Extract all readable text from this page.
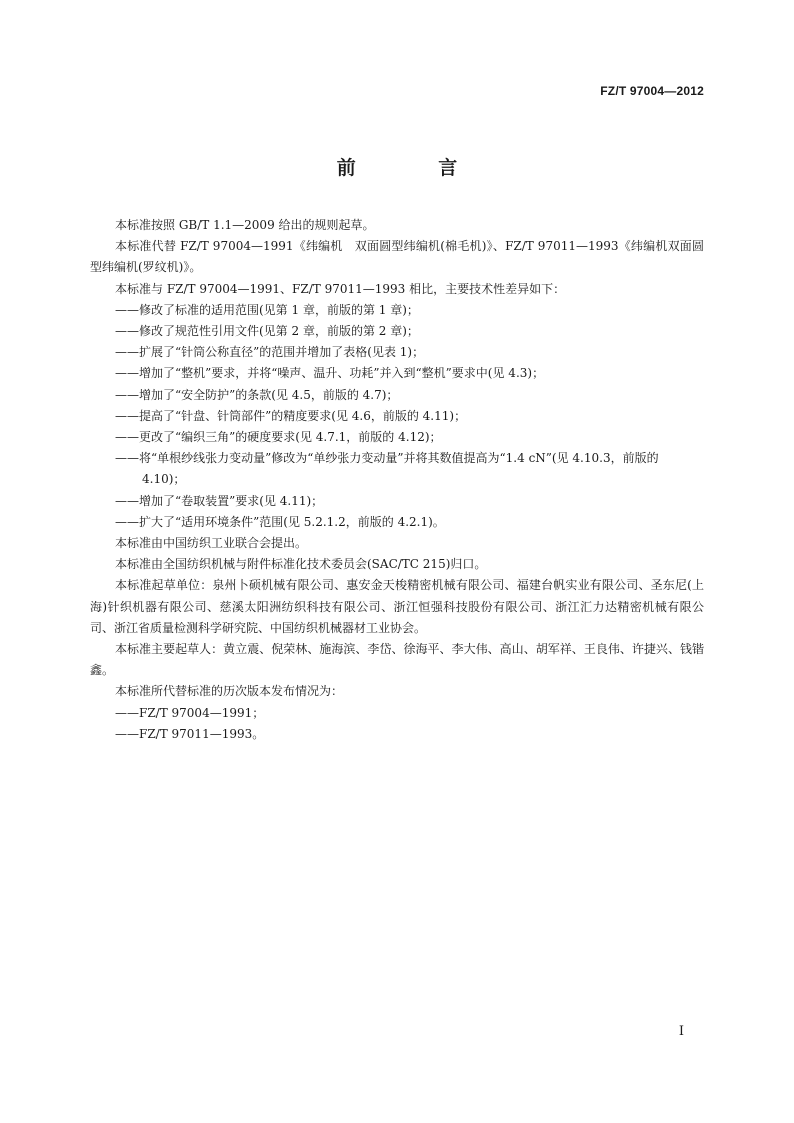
FZ/T 97004—2012
前 言

本标准按照 GB/T 1.1—2009 给出的规则起草。

本标准代替 FZ/T 97004—1991《纬编机　双面圆型纬编机(棉毛机)》、FZ/T 97011—1993《纬编机双面圆型纬编机(罗纹机)》。

本标准与 FZ/T 97004—1991、FZ/T 97011—1993 相比，主要技术性差异如下：

——修改了标准的适用范围(见第 1 章，前版的第 1 章)；

——修改了规范性引用文件(见第 2 章，前版的第 2 章)；

——扩展了“针筒公称直径”的范围并增加了表格(见表 1)；

——增加了“整机”要求，并将“噪声、温升、功耗”并入到“整机”要求中(见 4.3)；

——增加了“安全防护”的条款(见 4.5，前版的 4.7)；

——提高了“针盘、针筒部件”的精度要求(见 4.6，前版的 4.11)；

——更改了“编织三角”的硬度要求(见 4.7.1，前版的 4.12)；

——将“单根纱线张力变动量”修改为“单纱张力变动量”并将其数值提高为“1.4 cN”(见 4.10.3，前版的 4.10)；

——增加了“卷取装置”要求(见 4.11)；

——扩大了“适用环境条件”范围(见 5.2.1.2，前版的 4.2.1)。

本标准由中国纺织工业联合会提出。

本标准由全国纺织机械与附件标准化技术委员会(SAC/TC 215)归口。

本标准起草单位：泉州卜硕机械有限公司、惠安金天梭精密机械有限公司、福建台帆实业有限公司、圣东尼(上海)针织机器有限公司、慈溪太阳洲纺织科技有限公司、浙江恒强科技股份有限公司、浙江汇力达精密机械有限公司、浙江省质量检测科学研究院、中国纺织机械器材工业协会。

本标准主要起草人：黄立震、倪荣林、施海滨、李岱、徐海平、李大伟、高山、胡军祥、王良伟、许捷兴、钱锴鑫。

本标准所代替标准的历次版本发布情况为：

——FZ/T 97004—1991；

——FZ/T 97011—1993。

I
